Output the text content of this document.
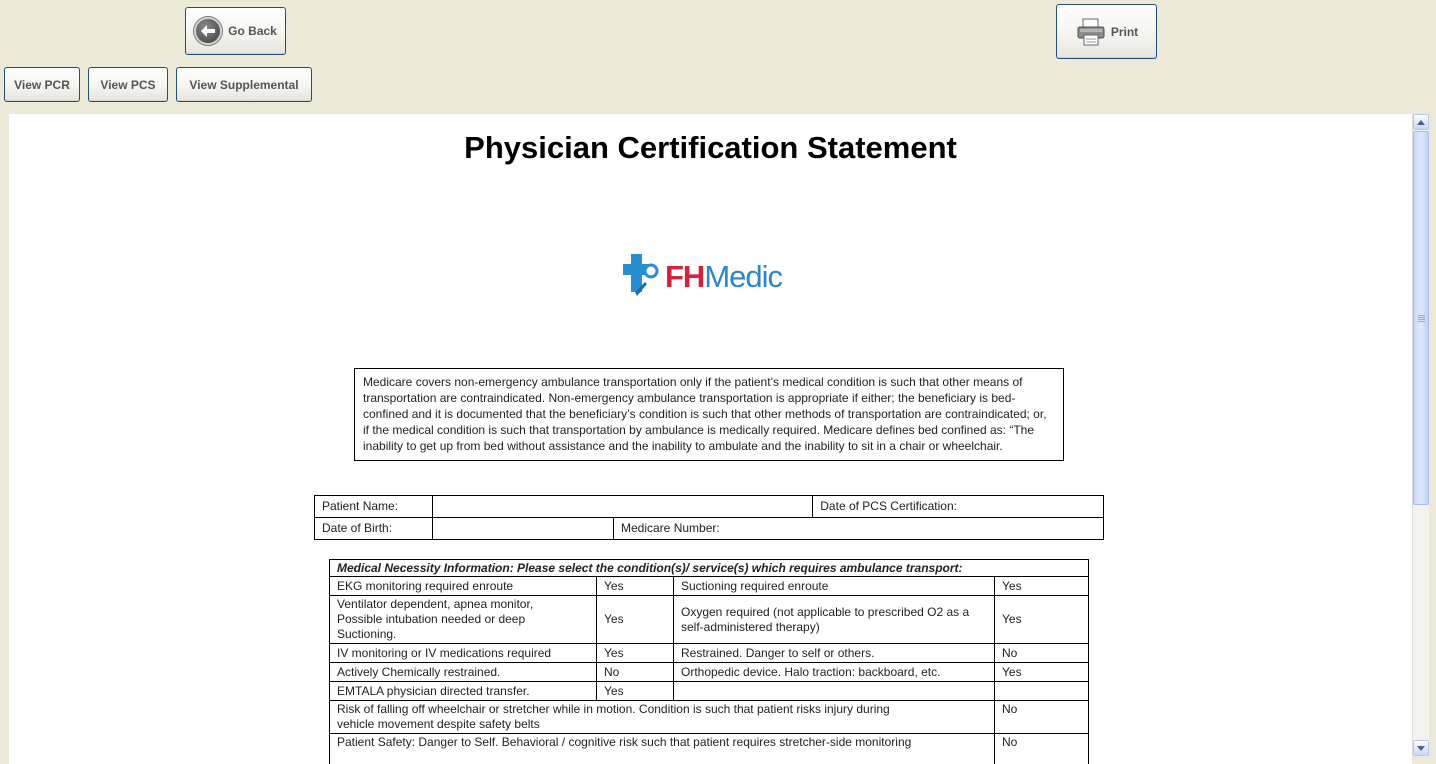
Go Back	Print
View PCR	View PCS	View Supplemental
Physician Certification Statement
FHMedic
Medicare covers non-emergency ambulance transportation only if the patient’s medical condition is such that other means of transportation are contraindicated. Non-emergency ambulance transportation is appropriate if either; the beneficiary is bed-confined and it is documented that the beneficiary’s condition is such that other methods of transportation are contraindicated; or, if the medical condition is such that transportation by ambulance is medically required. Medicare defines bed confined as: “The inability to get up from bed without assistance and the inability to ambulate and the inability to sit in a chair or wheelchair.
Patient Name:			Date of PCS Certification:
Date of Birth:		Medicare Number:	
Medical Necessity Information: Please select the condition(s)/ service(s) which requires ambulance transport:			
EKG monitoring required enroute	Yes	Suctioning required enroute	Yes
Ventilator dependent, apnea monitor, Possible intubation needed or deep Suctioning.	Yes	Oxygen required (not applicable to prescribed O2 as a self-administered therapy)	Yes
IV monitoring or IV medications required	Yes	Restrained. Danger to self or others.	No
Actively Chemically restrained.	No	Orthopedic device. Halo traction: backboard, etc.	Yes
EMTALA physician directed transfer.	Yes		
Risk of falling off wheelchair or stretcher while in motion. Condition is such that patient risks injury during vehicle movement despite safety belts			No
Patient Safety: Danger to Self. Behavioral / cognitive risk such that patient requires stretcher-side monitoring			No
